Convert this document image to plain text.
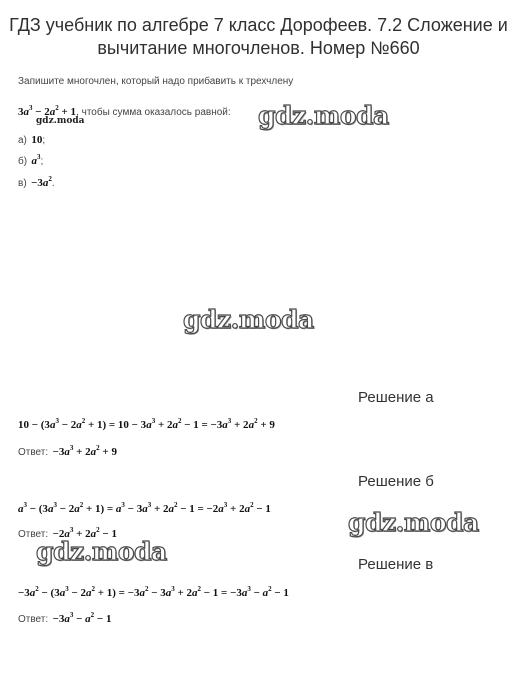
ГДЗ учебник по алгебре 7 класс Дорофеев. 7.2 Сложение и вычитание многочленов. Номер №660
Запишите многочлен, который надо прибавить к трехчлену
$3a^3 - 2a^2 + 1$, чтобы сумма оказалось равной:
gdz.moda
а) 10;
б) $a^3$;
$в) -3a^2$.
gdz.moda
gdz.moda
Решение а
$10 - (3a^3 - 2a^2 + 1) = 10 - 3a^3 + 2a^2 - 1 = -3a^3 + 2a^2 + 9$
Ответ: $-3a^3 + 2a^2 + 9$
Решение б
$a^3 - (3a^3 - 2a^2 + 1) = a^3 - 3a^3 + 2a^2 - 1 = -2a^3 + 2a^2 - 1$
Ответ: $-2a^3 + 2a^2 - 1$	gdz.moda
gdz.moda	Решение в
$-3a^2 - (3a^3 - 2a^2 + 1) = -3a^2 - 3a^3 + 2a^2 - 1 = -3a^3 - a^2 - 1$
Ответ: $-3a^3 - a^2 - 1$
